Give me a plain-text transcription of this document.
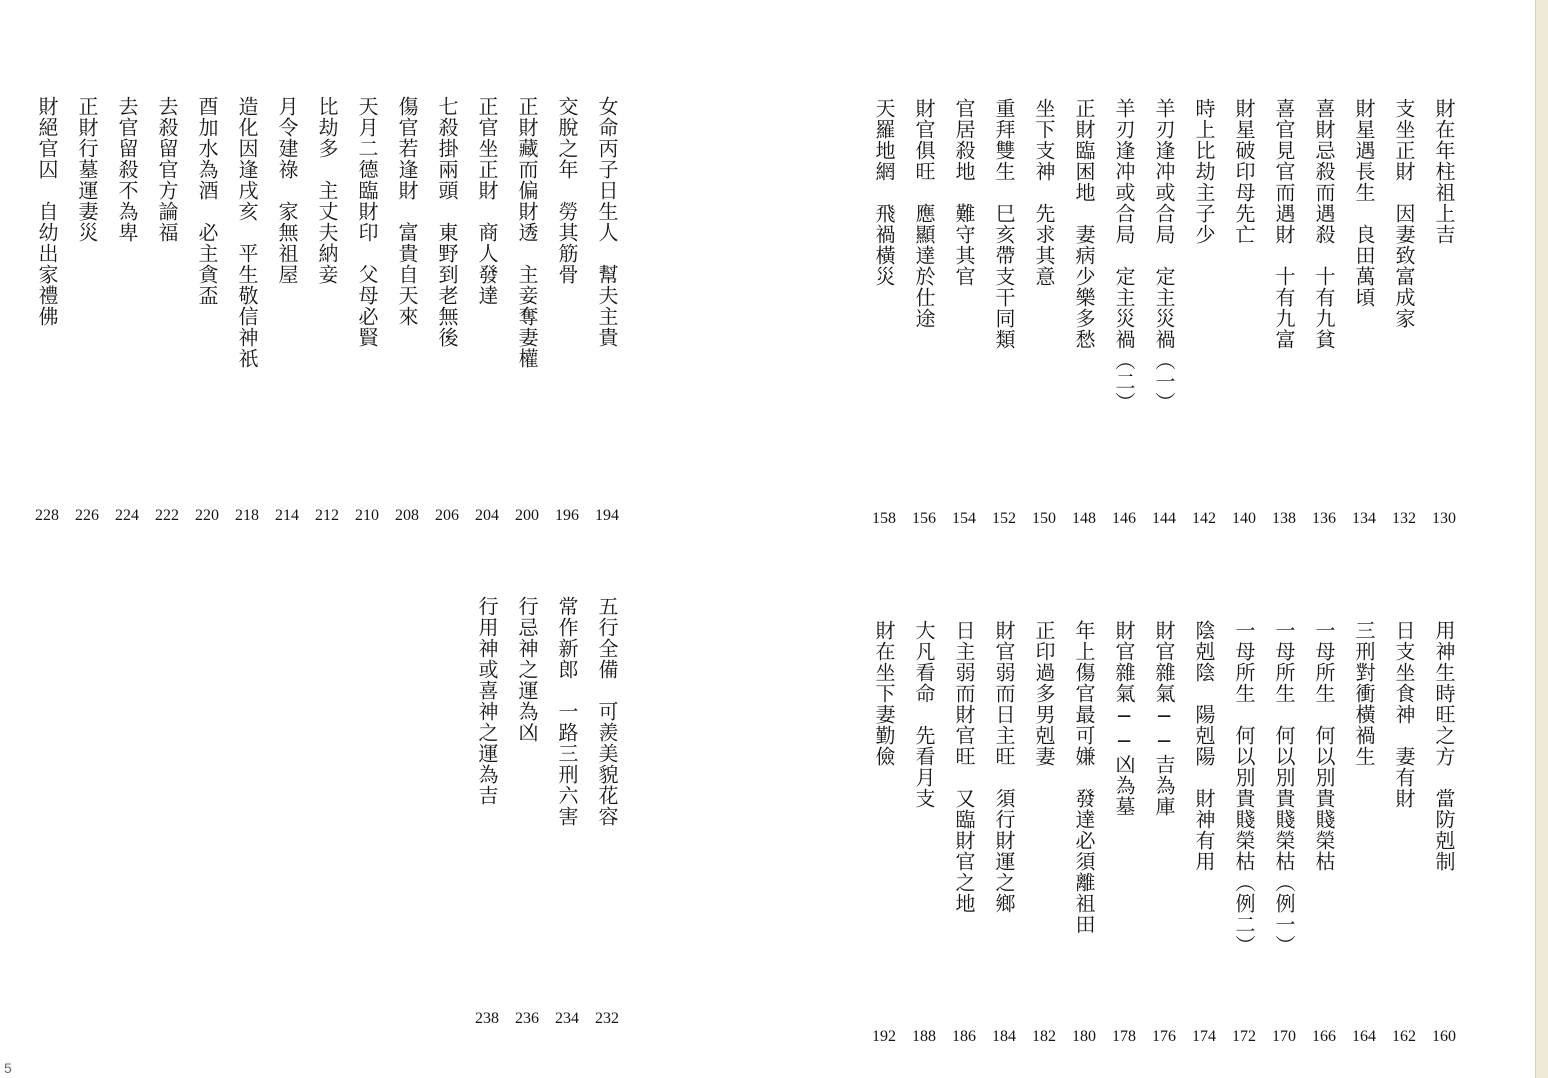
財在年柱祖上吉
支坐正財　因妻致富成家
財星遇長生　良田萬頃
喜財忌殺而遇殺　十有九貧
喜官見官而遇財　十有九富
財星破印母先亡
時上比劫主子少
羊刃逢冲或合局　定主災禍（一）
羊刃逢冲或合局　定主災禍（二）
正財臨困地　妻病少樂多愁
坐下支神　先求其意
重拜雙生　巳亥帶支干同類
官居殺地　難守其官
財官俱旺　應顯達於仕途
天羅地網　飛禍橫災
130
132
134
136
138
140
142
144
146
148
150
152
154
156
158
女命丙子日生人　幫夫主貴
交脫之年　勞其筋骨
正財藏而偏財透　主妾奪妻權
正官坐正財　商人發達
七殺掛兩頭　東野到老無後
傷官若逢財　富貴自天來
天月二德臨財印　父母必賢
比劫多　主丈夫納妾
月令建祿　家無祖屋
造化因逢戌亥　平生敬信神祇
酉加水為酒　必主貪盃
去殺留官方論福
去官留殺不為卑
正財行墓運妻災
財絕官囚　自幼出家禮佛
194
196
200
204
206
208
210
212
214
218
220
222
224
226
228
用神生時旺之方　當防剋制
日支坐食神　妻有財
三刑對衝橫禍生
一母所生　何以別貴賤榮枯
一母所生　何以別貴賤榮枯（例一）
一母所生　何以別貴賤榮枯（例二）
陰剋陰　陽剋陽　財神有用
財官雜氣──吉為庫
財官雜氣──凶為墓
年上傷官最可嫌　發達必須離祖田
正印過多男剋妻
財官弱而日主旺　須行財運之鄉
日主弱而財官旺　又臨財官之地
大凡看命　先看月支
財在坐下妻勤儉
160
162
164
166
170
172
174
176
178
180
182
184
186
188
192
五行全備　可羨美貌花容
常作新郎　一路三刑六害
行忌神之運為凶
行用神或喜神之運為吉
232
234
236
238
5
